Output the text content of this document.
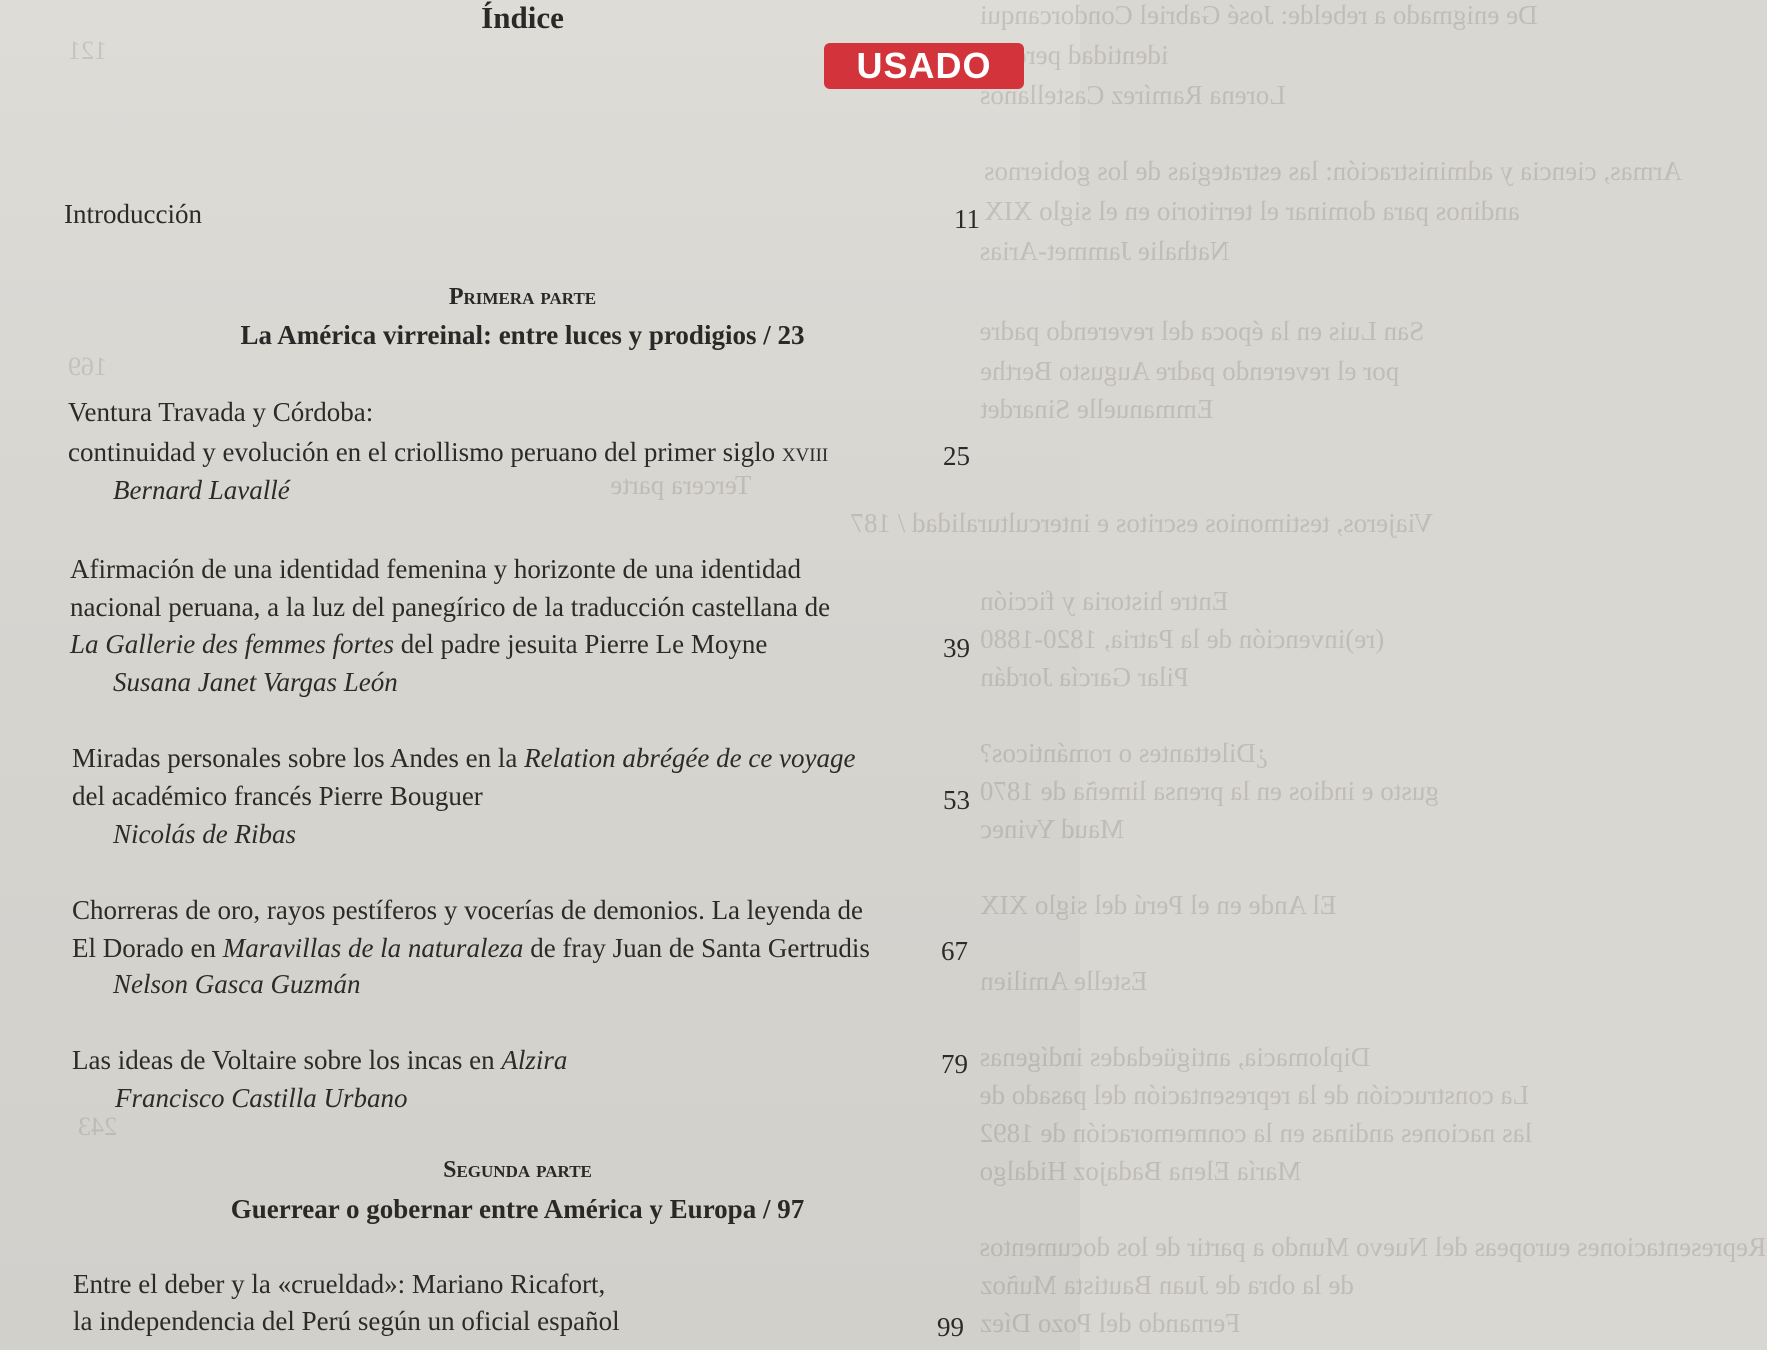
De enigmado a rebelde: José Gabriel Condorcanqui
identidad perdida
Lorena Ramírez Castellanos
Armas, ciencia y administración: las estrategias de los gobiernos
andinos para dominar el territorio en el siglo XIX
Nathalie Jammet-Arias
San Luis en la época del reverendo padre
por el reverendo padre Augusto Berthe
Emmanuelle Sinardet
Tercera parte
Viajeros, testimonios escritos e interculturalidad / 187
Entre historia y ficción
(re)invención de la Patria, 1820-1880
Pilar García Jordán
¿Dilettantes o románticos?
gusto e indios en la prensa limeña de 1870
Maud Yvinec
El Ande en el Perú del siglo XIX
Estelle Amilien
Diplomacia, antigüedades indígenas
La construcción de la representación del pasado de
las naciones andinas en la conmemoración de 1892
María Elena Badajoz Hidalgo
Representaciones europeas del Nuevo Mundo a partir de los documentos
de la obra de Juan Bautista Muñoz
Fernando del Pozo Díez
121
169
243
Índice
USADO
Introducción	11
Primera parte
La América virreinal: entre luces y prodigios / 23
Ventura Travada y Córdoba:
continuidad y evolución en el criollismo peruano del primer siglo xviii
Bernard Lavallé
25
Afirmación de una identidad femenina y horizonte de una identidad
nacional peruana, a la luz del panegírico de la traducción castellana de
La Gallerie des femmes fortes del padre jesuita Pierre Le Moyne
Susana Janet Vargas León
39
Miradas personales sobre los Andes en la Relation abrégée de ce voyage
del académico francés Pierre Bouguer
Nicolás de Ribas
53
Chorreras de oro, rayos pestíferos y vocerías de demonios. La leyenda de
El Dorado en Maravillas de la naturaleza de fray Juan de Santa Gertrudis
Nelson Gasca Guzmán
67
Las ideas de Voltaire sobre los incas en Alzira
Francisco Castilla Urbano
79
Segunda parte
Guerrear o gobernar entre América y Europa / 97
Entre el deber y la «crueldad»: Mariano Ricafort,
la independencia del Perú según un oficial español	99
